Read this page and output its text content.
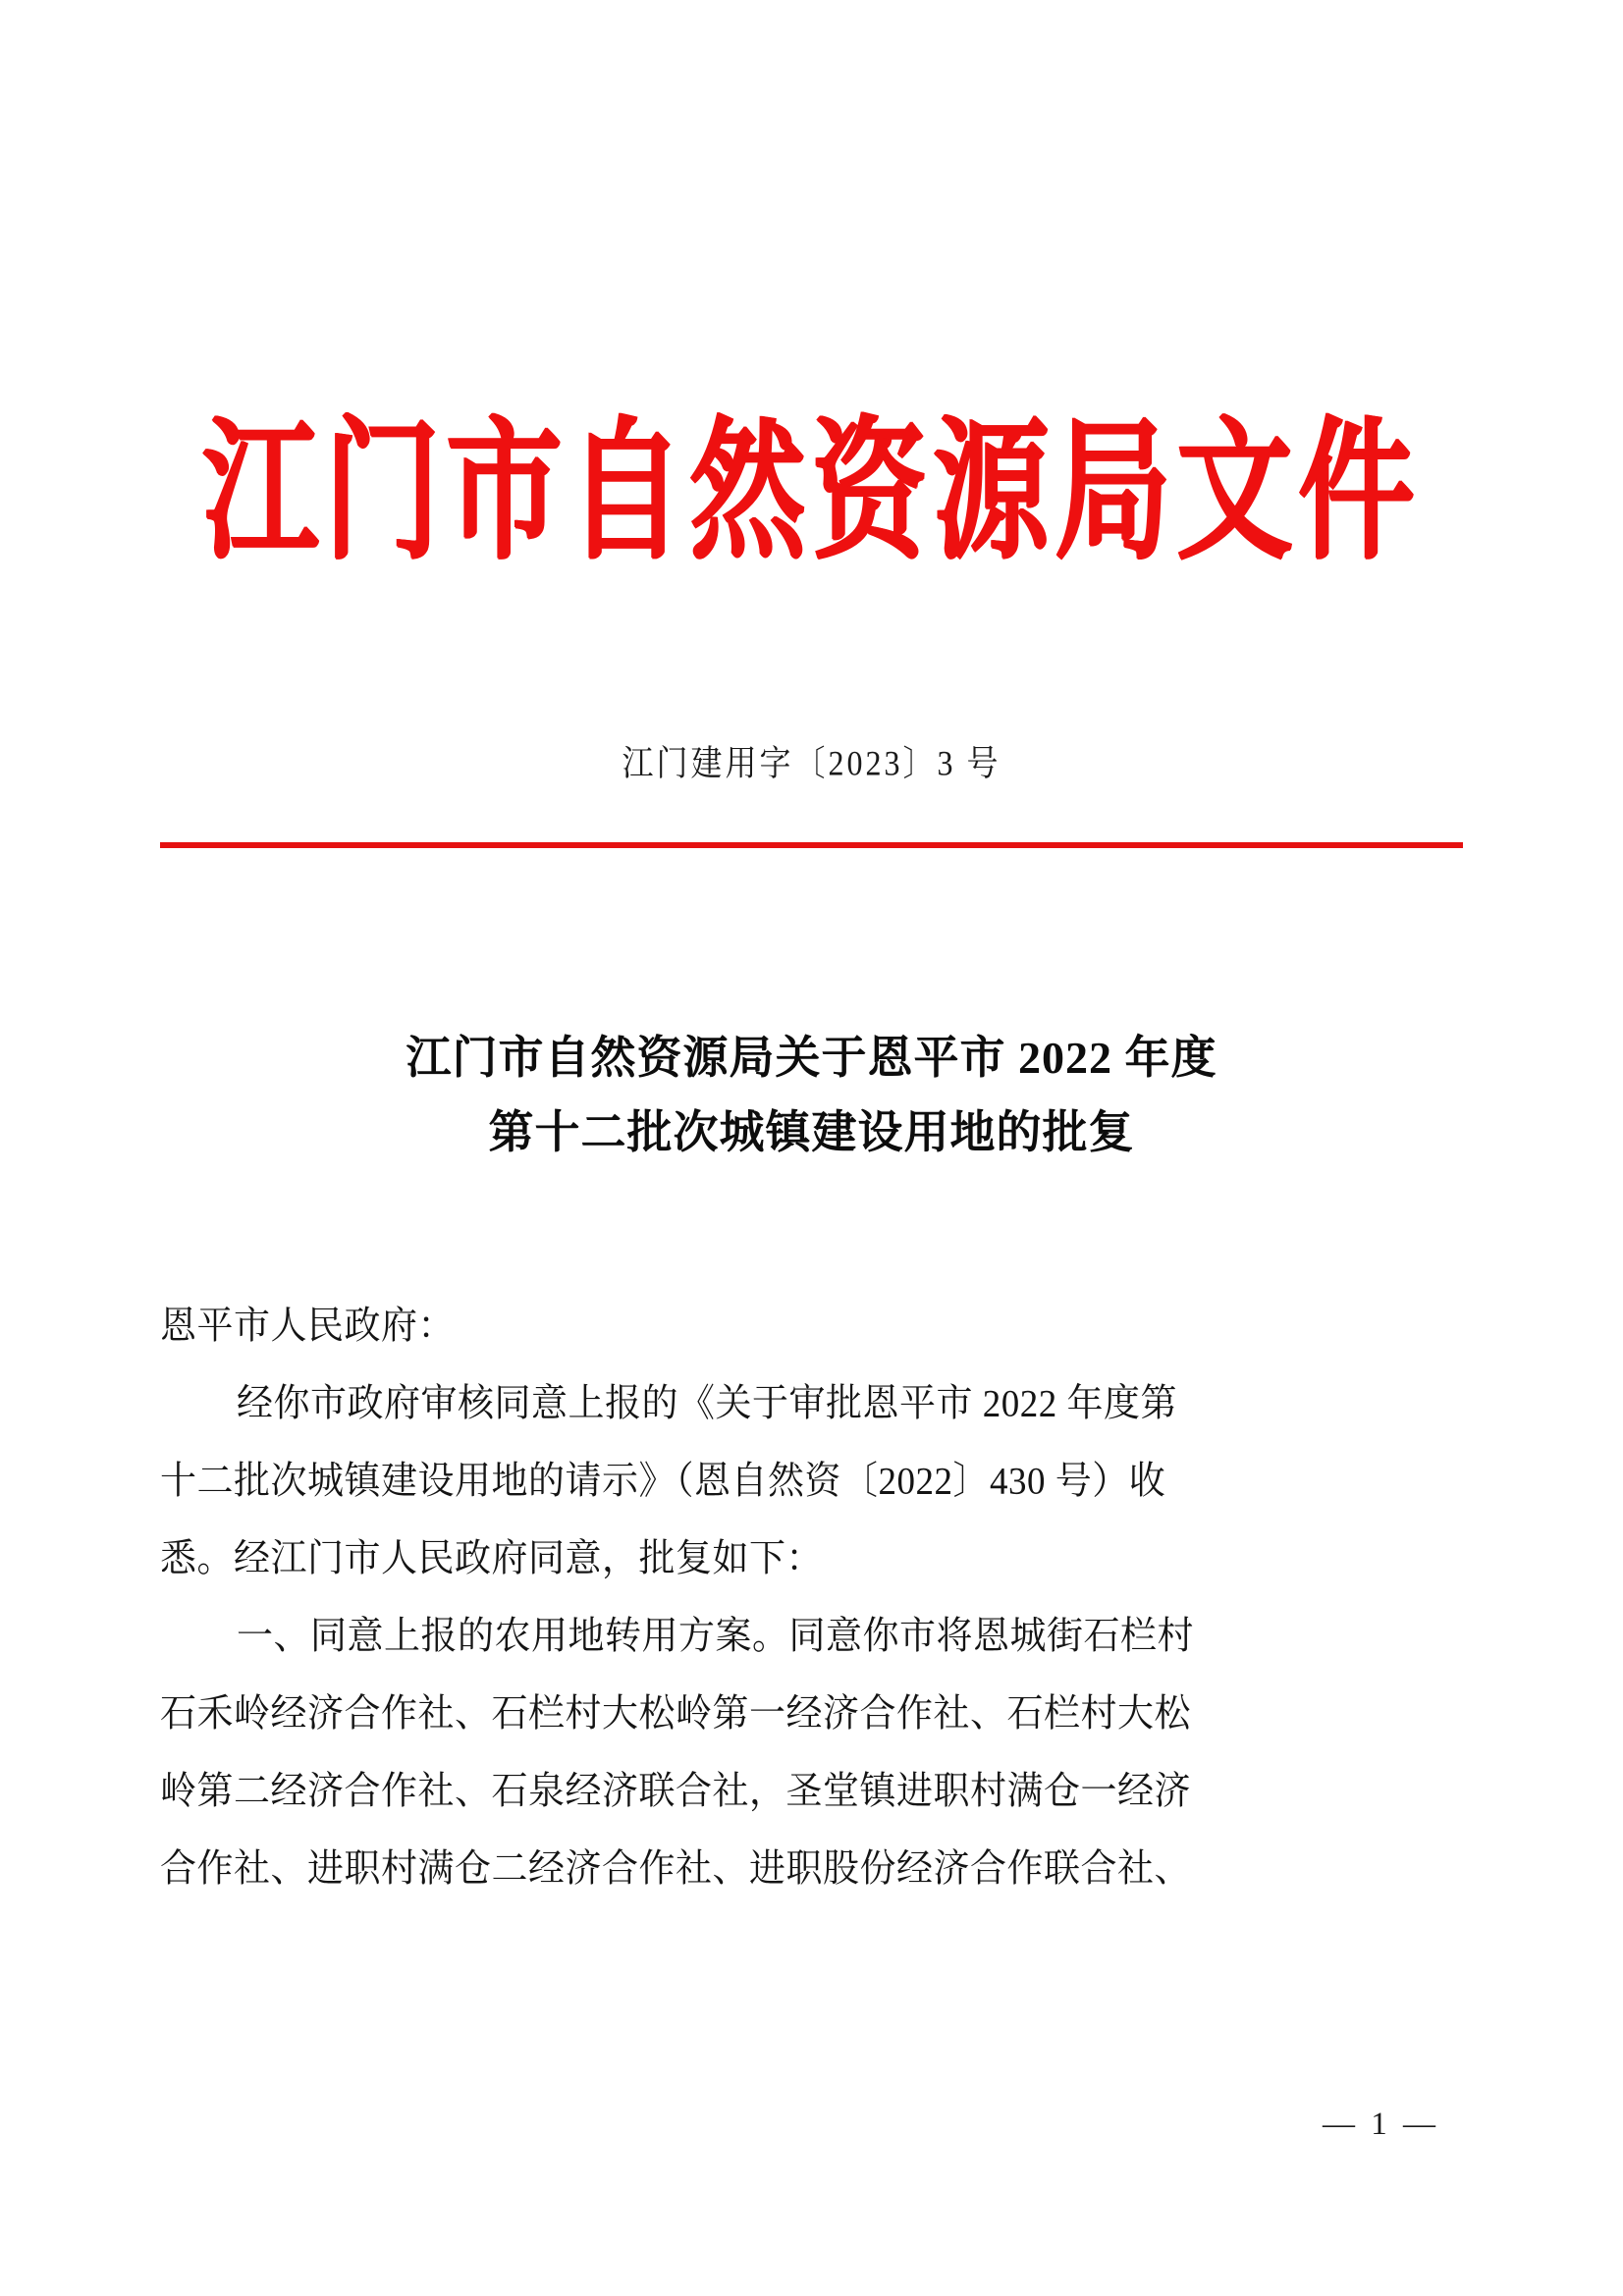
江门市自然资源局文件
江门建用字〔2023〕3 号
江门市自然资源局关于恩平市 2022 年度
第十二批次城镇建设用地的批复
恩平市人民政府：
经你市政府审核同意上报的《关于审批恩平市 2022 年度第
十二批次城镇建设用地的请示》（恩自然资〔2022〕430 号）收
悉。经江门市人民政府同意，批复如下：
一、同意上报的农用地转用方案。同意你市将恩城街石栏村
石禾岭经济合作社、石栏村大松岭第一经济合作社、石栏村大松
岭第二经济合作社、石泉经济联合社，圣堂镇进职村满仓一经济
合作社、进职村满仓二经济合作社、进职股份经济合作联合社、
— 1 —
